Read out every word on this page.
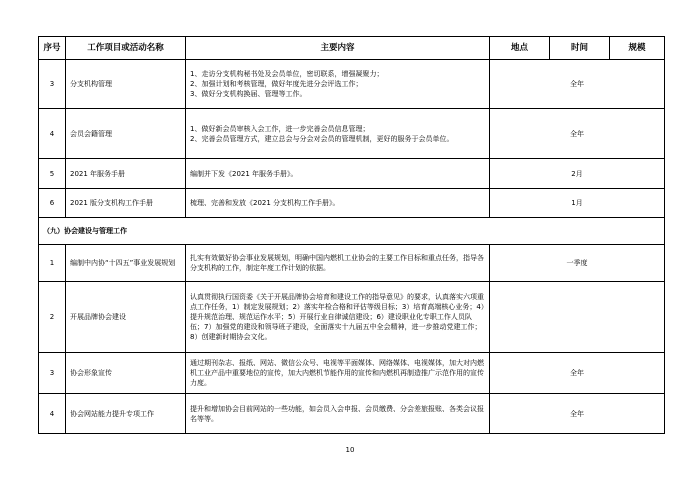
序号	工作项目或活动名称	主要内容	地点	时间	规模
3	分支机构管理	1、走访分支机构秘书处及会员单位，密切联系，增强凝聚力；
2、加强计划和考核管理，做好年度先进分会评选工作；
3、做好分支机构换届、管理等工作。	全年		
4	会员会籍管理	1、做好新会员审核入会工作，进一步完善会员信息管理；
2、完善会员管理方式，建立总会与分会对会员的管理机制，更好的服务于会员单位。	全年		
5	2021 年服务手册	编制并下发《2021 年服务手册》。	2月		
6	2021 版分支机构工作手册	梳理、完善和发放《2021 分支机构工作手册》。	1月		
（九）协会建设与管理工作					
1	编制中内协“十四五”事业发展规划	扎实有效做好协会事业发展规划，明确中国内燃机工业协会的主要工作目标和重点任务，指导各分支机构的工作，制定年度工作计划的依据。	一季度		
2	开展品牌协会建设	认真贯彻执行国资委《关于开展品牌协会培育和建设工作的指导意见》的要求，认真落实六项重点工作任务，1）制定发展规划；2）落实年检合格和评估等级目标；3）培育高端核心业务；4）提升规范治理、规范运作水平；5）开展行业自律诚信建设；6）建设职业化专职工作人员队伍；7）加强党的建设和领导班子建设，全面落实十九届五中全会精神，进一步推动党建工作；8）创建新时期协会文化。			
3	协会形象宣传	通过期刊杂志、报纸、网站、微信公众号、电视等平面媒体、网络媒体、电视媒体，加大对内燃机工业产品中重要地位的宣传，加大内燃机节能作用的宣传和内燃机再制造推广示范作用的宣传力度。	全年		
4	协会网站能力提升专项工作	提升和增加协会目前网站的一些功能，如会员入会申报、会员缴费、分会差旅报账、各类会议报名等等。	全年		
10
